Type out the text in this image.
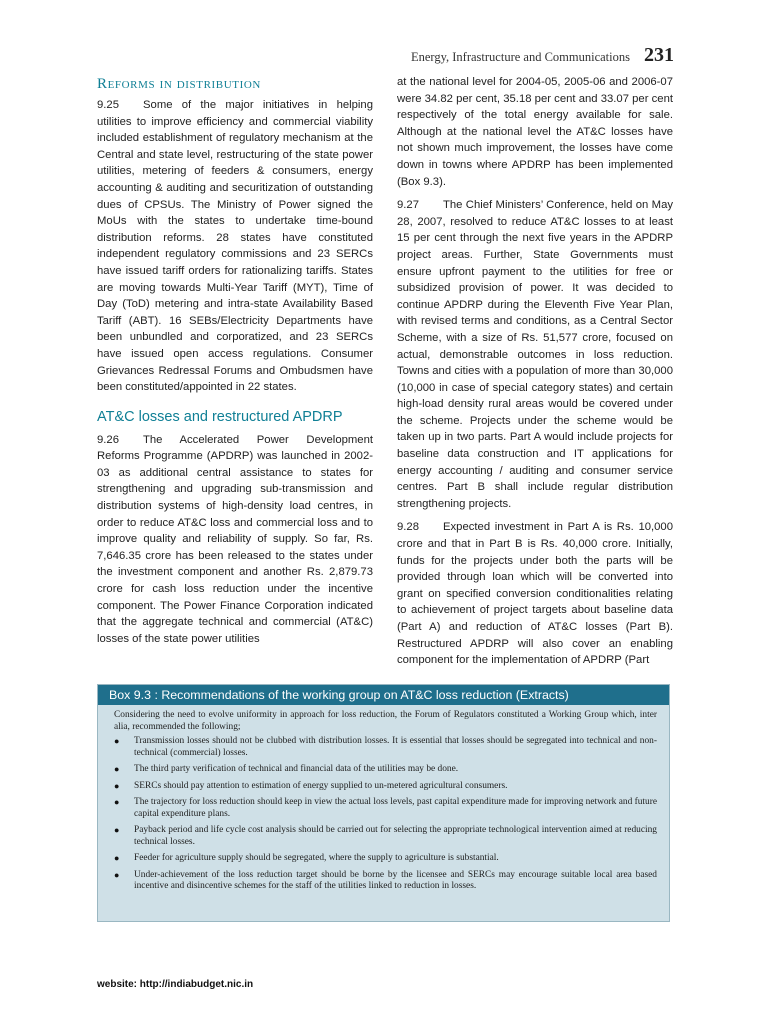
Energy, Infrastructure and Communications 231
Reforms in distribution

9.25 Some of the major initiatives in helping utilities to improve efficiency and commercial viability included establishment of regulatory mechanism at the Central and state level, restructuring of the state power utilities, metering of feeders & consumers, energy accounting & auditing and securitization of outstanding dues of CPSUs. The Ministry of Power signed the MoUs with the states to undertake time-bound distribution reforms. 28 states have constituted independent regulatory commissions and 23 SERCs have issued tariff orders for rationalizing tariffs. States are moving towards Multi-Year Tariff (MYT), Time of Day (ToD) metering and intra-state Availability Based Tariff (ABT). 16 SEBs/Electricity Departments have been unbundled and corporatized, and 23 SERCs have issued open access regulations. Consumer Grievances Redressal Forums and Ombudsmen have been constituted/appointed in 22 states.

AT&C losses and restructured APDRP

9.26 The Accelerated Power Development Reforms Programme (APDRP) was launched in 2002-03 as additional central assistance to states for strengthening and upgrading sub-transmission and distribution systems of high-density load centres, in order to reduce AT&C loss and commercial loss and to improve quality and reliability of supply. So far, Rs. 7,646.35 crore has been released to the states under the investment component and another Rs. 2,879.73 crore for cash loss reduction under the incentive component. The Power Finance Corporation indicated that the aggregate technical and commercial (AT&C) losses of the state power utilities

at the national level for 2004-05, 2005-06 and 2006-07 were 34.82 per cent, 35.18 per cent and 33.07 per cent respectively of the total energy available for sale. Although at the national level the AT&C losses have not shown much improvement, the losses have come down in towns where APDRP has been implemented (Box 9.3).

9.27 The Chief Ministers’ Conference, held on May 28, 2007, resolved to reduce AT&C losses to at least 15 per cent through the next five years in the APDRP project areas. Further, State Governments must ensure upfront payment to the utilities for free or subsidized provision of power. It was decided to continue APDRP during the Eleventh Five Year Plan, with revised terms and conditions, as a Central Sector Scheme, with a size of Rs. 51,577 crore, focused on actual, demonstrable outcomes in loss reduction. Towns and cities with a population of more than 30,000 (10,000 in case of special category states) and certain high-load density rural areas would be covered under the scheme. Projects under the scheme would be taken up in two parts. Part A would include projects for baseline data construction and IT applications for energy accounting / auditing and consumer service centres. Part B shall include regular distribution strengthening projects.

9.28 Expected investment in Part A is Rs. 10,000 crore and that in Part B is Rs. 40,000 crore. Initially, funds for the projects under both the parts will be provided through loan which will be converted into grant on specified conversion conditionalities relating to achievement of project targets about baseline data (Part A) and reduction of AT&C losses (Part B). Restructured APDRP will also cover an enabling component for the implementation of APDRP (Part

Box 9.3 : Recommendations of the working group on AT&C loss reduction (Extracts)

Considering the need to evolve uniformity in approach for loss reduction, the Forum of Regulators constituted a Working Group which, inter alia, recommended the following;

●	Transmission losses should not be clubbed with distribution losses. It is essential that losses should be segregated into technical and non-technical (commercial) losses.
●	The third party verification of technical and financial data of the utilities may be done.
●	SERCs should pay attention to estimation of energy supplied to un-metered agricultural consumers.
●	The trajectory for loss reduction should keep in view the actual loss levels, past capital expenditure made for improving network and future capital expenditure plans.
●	Payback period and life cycle cost analysis should be carried out for selecting the appropriate technological intervention aimed at reducing technical losses.
●	Feeder for agriculture supply should be segregated, where the supply to agriculture is substantial.
●	Under-achievement of the loss reduction target should be borne by the licensee and SERCs may encourage suitable local area based incentive and disincentive schemes for the staff of the utilities linked to reduction in losses.
website: http://indiabudget.nic.in
